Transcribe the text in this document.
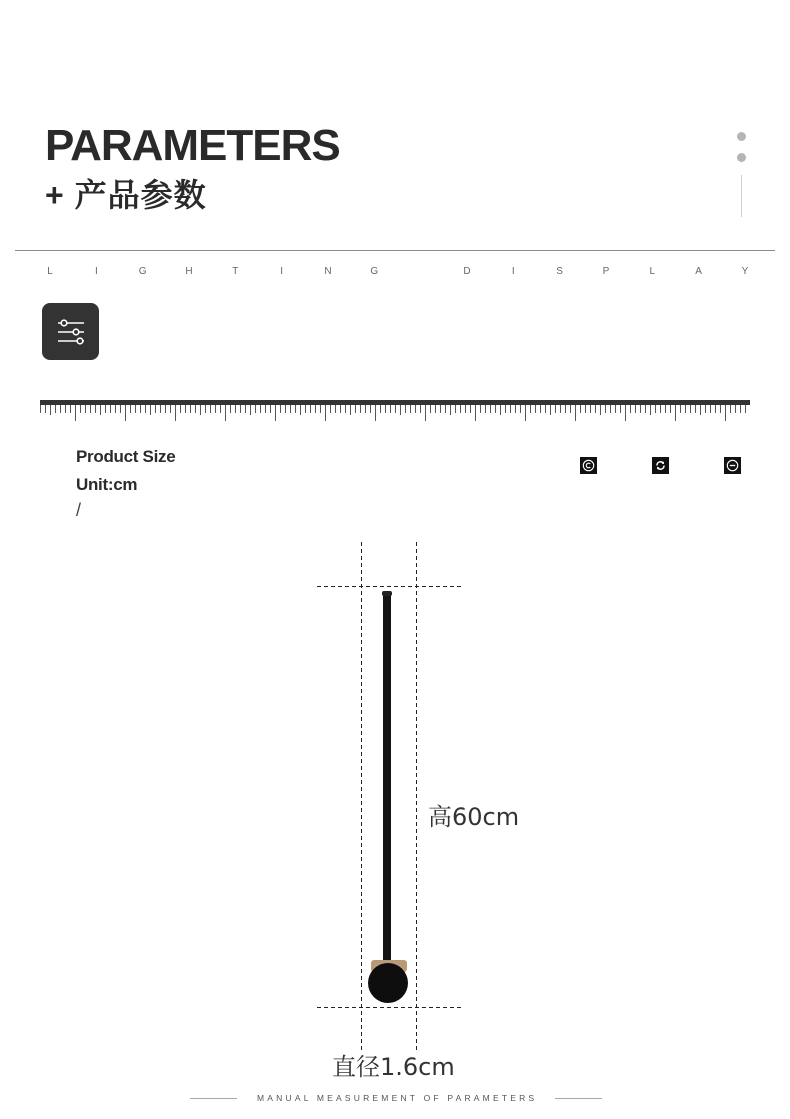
PARAMETERS
+ 产品参数
L	I	G	H	T	I	N	G	D	I	S	P	L	A	Y
Product Size
Unit:cm
/
高60cm
直径1.6cm
MANUAL MEASUREMENT OF PARAMETERS
